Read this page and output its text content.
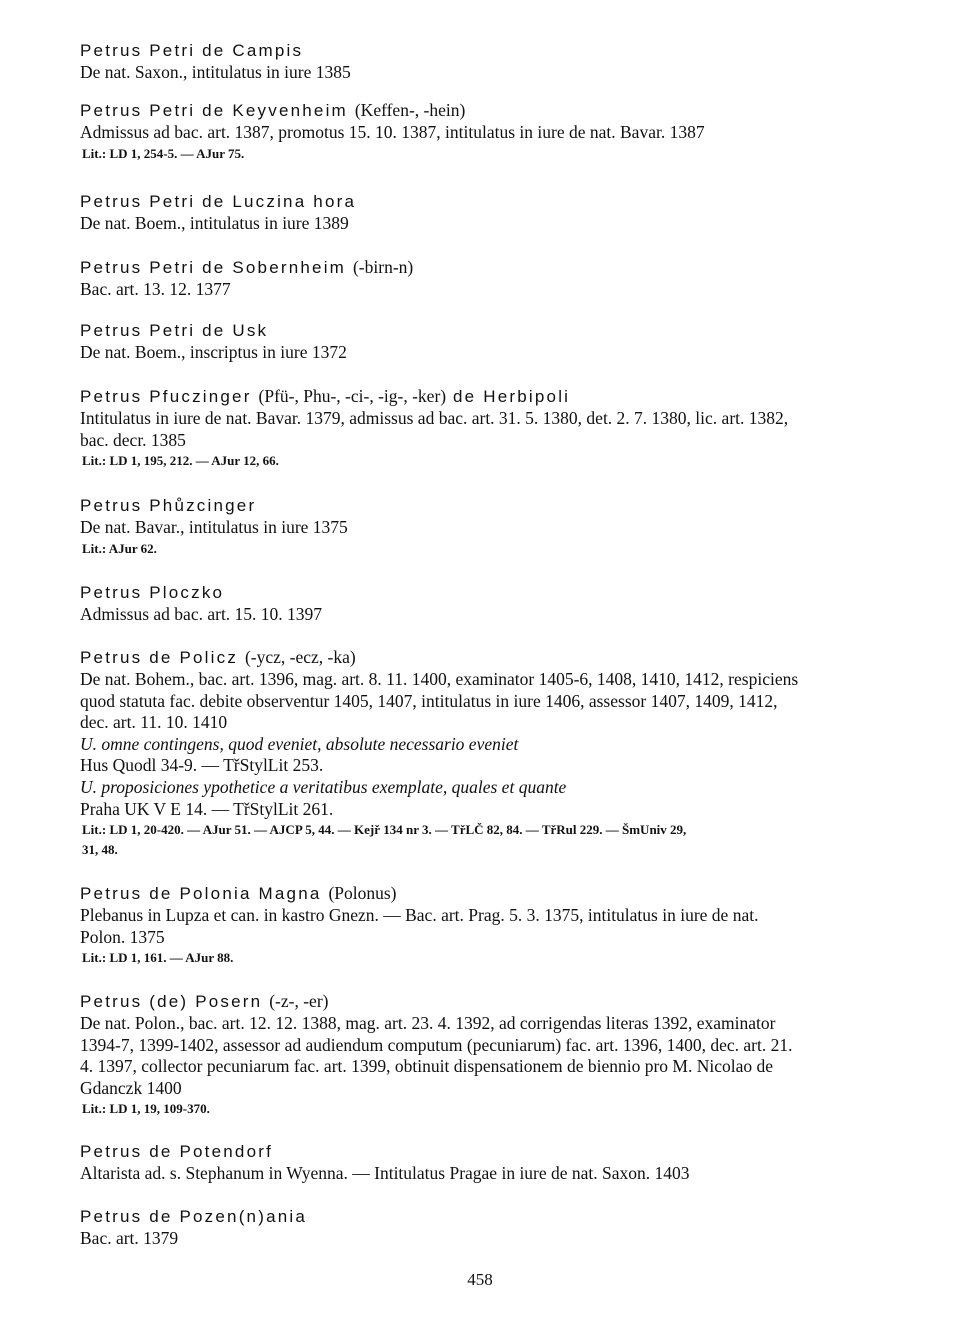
Petrus Petri de Campis
De nat. Saxon., intitulatus in iure 1385
Petrus Petri de Keyvenheim (Keffen-, -hein)
Admissus ad bac. art. 1387, promotus 15. 10. 1387, intitulatus in iure de nat. Bavar. 1387
Lit.: LD 1, 254-5. — AJur 75.
Petrus Petri de Luczina hora
De nat. Boem., intitulatus in iure 1389
Petrus Petri de Sobernheim (-birn-n)
Bac. art. 13. 12. 1377
Petrus Petri de Usk
De nat. Boem., inscriptus in iure 1372
Petrus Pfuczinger (Pfü-, Phu-, -ci-, -ig-, -ker) de Herbipoli
Intitulatus in iure de nat. Bavar. 1379, admissus ad bac. art. 31. 5. 1380, det. 2. 7. 1380, lic. art. 1382,
bac. decr. 1385
Lit.: LD 1, 195, 212. — AJur 12, 66.
Petrus Phůzcinger
De nat. Bavar., intitulatus in iure 1375
Lit.: AJur 62.
Petrus Ploczko
Admissus ad bac. art. 15. 10. 1397
Petrus de Policz (-ycz, -ecz, -ka)
De nat. Bohem., bac. art. 1396, mag. art. 8. 11. 1400, examinator 1405-6, 1408, 1410, 1412, respiciens
quod statuta fac. debite observentur 1405, 1407, intitulatus in iure 1406, assessor 1407, 1409, 1412,
dec. art. 11. 10. 1410
U. omne contingens, quod eveniet, absolute necessario eveniet
Hus Quodl 34-9. — TřStylLit 253.
U. proposiciones ypothetice a veritatibus exemplate, quales et quante
Praha UK V E 14. — TřStylLit 261.
Lit.: LD 1, 20-420. — AJur 51. — AJCP 5, 44. — Kejř 134 nr 3. — TřLČ 82, 84. — TřRul 229. — ŠmUniv 29,
31, 48.
Petrus de Polonia Magna (Polonus)
Plebanus in Lupza et can. in kastro Gnezn. — Bac. art. Prag. 5. 3. 1375, intitulatus in iure de nat.
Polon. 1375
Lit.: LD 1, 161. — AJur 88.
Petrus (de) Posern (-z-, -er)
De nat. Polon., bac. art. 12. 12. 1388, mag. art. 23. 4. 1392, ad corrigendas literas 1392, examinator
1394-7, 1399-1402, assessor ad audiendum computum (pecuniarum) fac. art. 1396, 1400, dec. art. 21.
4. 1397, collector pecuniarum fac. art. 1399, obtinuit dispensationem de biennio pro M. Nicolao de
Gdanczk 1400
Lit.: LD 1, 19, 109-370.
Petrus de Potendorf
Altarista ad. s. Stephanum in Wyenna. — Intitulatus Pragae in iure de nat. Saxon. 1403
Petrus de Pozen(n)ania
Bac. art. 1379
458
